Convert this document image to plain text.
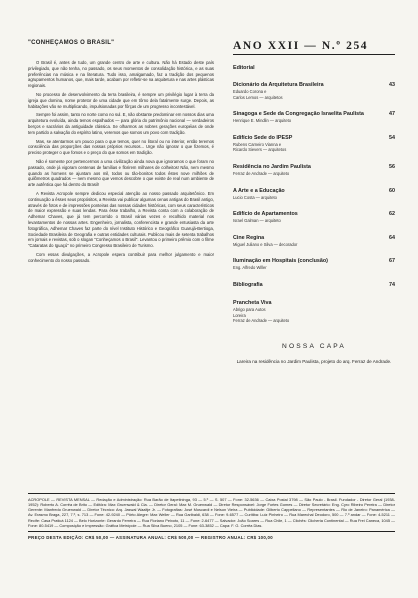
"CONHEÇAMOS O BRASIL"

O Brasil é, antes de tudo, um grande centro de arte e cultura. Não há Estado deste país privilegiado, que não tenha, no passado, os seus momentos de consolidação histórica, e as suas preferências na música e na literatura. Tudo isso, amalgamado, faz a tradição dos pequenos agrupamentos humanos, que, mais tarde, acabam por refletir-se na arquitetura e nas artes plásticas regionais.

No processo de desenvolvimento da terra brasileira, é sempre um privilégio lugar à terra da igreja que domina, nome protetor de uma cidade que em tôrno dela fatalmente surge. Depois, as habitações vão se multiplicando, impulsionadas por fôrças de um progresso incontestável.

Sempre foi assim, tanto no norte como no sul. E, não obstante predominar em nossos dias uma arquitetura evoluída, ainda temos espalhados — para glória do patrimônio nacional — verdadeiros berços e sacrários da antiguidade clássica. Se olharmos as nobres gerações européias de onde tem partido a salvação do espírito latino, veremos que somos um povo com tradição.

Mas, se atentarmos um pouco para o que temos, quer no litoral ou no interior, então teremos consciência das proporções das nossas próprios recursos... Urge não ignorar o que fizemos, é preciso proteger o que fomos e o preço do que somos em tradição.

Não é somente por pertencermos a uma civilização ainda nova que ignoramos o que foram no passado, onde já vigoram centenas de famílias e florirem milhares de colheitos! Não, nem mesmo quando as homens se ajuntam aos mil, todos ou tão-bonitos todos êstes nove milhões de quilômetros quadrados — nem mesmo que vemos descobre o que existe de real num ambiente de arte autêntica que há dentro do Brasil!

A Revista Acropole sempre dedicou especial atenção ao nosso passado arquitetônico. Em continuação a êsses seus propósitos, a Revista vai publicar algumas cenas antigas do Brasil antigo, através de fotos e de impressões ponteiras das nossas cidades históricas, com seus característicos de maior expressão e suas lendas. Para êsse trabalho, a Revista conta com a colaboração de Adhemar Chaves, que já tem percorrido o Brasil várias vezes e recolhido material nos levantamentos de nossas artes. Engenheiro, jornalista, conferencista e grande entusiasta da arte fotográfica, Adhemar Chaves faz parte do nível Instituto Histórico e Geográfico Guarujá-Bertioga, Sociedade Brasileira de Geografia e outras entidades culturais. Publicou mais de setenta trabalhos em jornais e revistas, sob o slogan "Conheçamos o Brasil". Levantou o primeiro prêmio com o filme "Cataratas do Iguaçú" no primeiro Congresso Brasileiro de Turismo.

Com essas divulgações, a Acropole espera contribuir para melhor julgamento e maior conhecimento do nosso passado.

ANO XXII — N.º 254

Editorial

Dicionário da Arquitetura Brasileira	43
Eduardo Corona e
Carlos Lemos — arquitetos
Sinagoga e Sede da Congregação Israelita Paulista	47
Henrique E. Mindlin — arquiteto
Edifício Sede do IPESP	54
Rubens Carneiro Vianna e
Ricardo Sievers — arquitetos
Residência no Jardim Paulista	56
Ferraz de Andrade — arquiteto
A Arte e a Educação	60
Lucio Costa — arquiteto
Edifício de Apartamentos	62
Israel Galman — arquiteto
Cine Regina	64
Miguel Juliano e Silva — decorador
Iluminação em Hospitais (conclusão)	67
Eng. Alfredo Willer
Bibliografia	74
Prancheta Viva
Abrigo para Autos
Loreira
Ferraz de Andrade — arquiteto

NOSSA CAPA

Lareira na residência no Jardim Paulista, projeto do arq. Ferraz de Andrade.

ACROPOLE — REVISTA MENSAL — Redação e Administração: Rua Barão de Itapetininga, 93 — 5.º — S. 507 — Fone: 32-5636 — Caixa Postal 3798 — São Paulo - Brasil. Fundador - Diretor Geral (1938-1952): Roberto A. Corrêa de Brito — Editôra: Max Gruenwald & Cia. — Diretor Geral: Max M. Gruenwald — Diretor Responsável: Jorge Fortes Gomes — Diretor Secretário: Eng. Cyro Ribeiro Pereira — Diretor Gerente: Manfredo Gruenwald — Diretor Técnico: Arq. Jaswal Waaltje Jr. — Fotografias: José Moscardi e Nelson Vieira — Publicidade: Gilberto Cappellano — Representantes — Rio de Janeiro: Panamérica — Av. Erasmo Braga, 227, 7.º, s. 713 — Fone: 42-9240 — Pôrto Alegre: Max Weller — Rua Garibaldi, 638 — Fone: 9-6577 — Curitiba: Luiz Pinheiro — Rua Marechal Deodoro, 500 — 7.º andar — Fone: 4-5211 — Recife: Casa Praticá 1124 — Belo Horizonte: Gerardo Ferreira — Rua Floriano Peixoto, 11 — Fone: 2-6477 — Salvador: João Soares — Rua Chile, 1 — Clichês: Clicheria Continental — Rua Frei Caneca, 1045 — Fone: 80-5419 — Composição e Impressão: Gráfica Metrópole — Rua Silva Bueno, 2105 — Fone: 63-3852 — Capa: F. G. Corrêa Dias.

PREÇO DESTA EDIÇÃO: CR$ 50,00 — ASSINATURA ANUAL: CR$ 500,00 — REGISTRO ANUAL: CR$ 100,00
